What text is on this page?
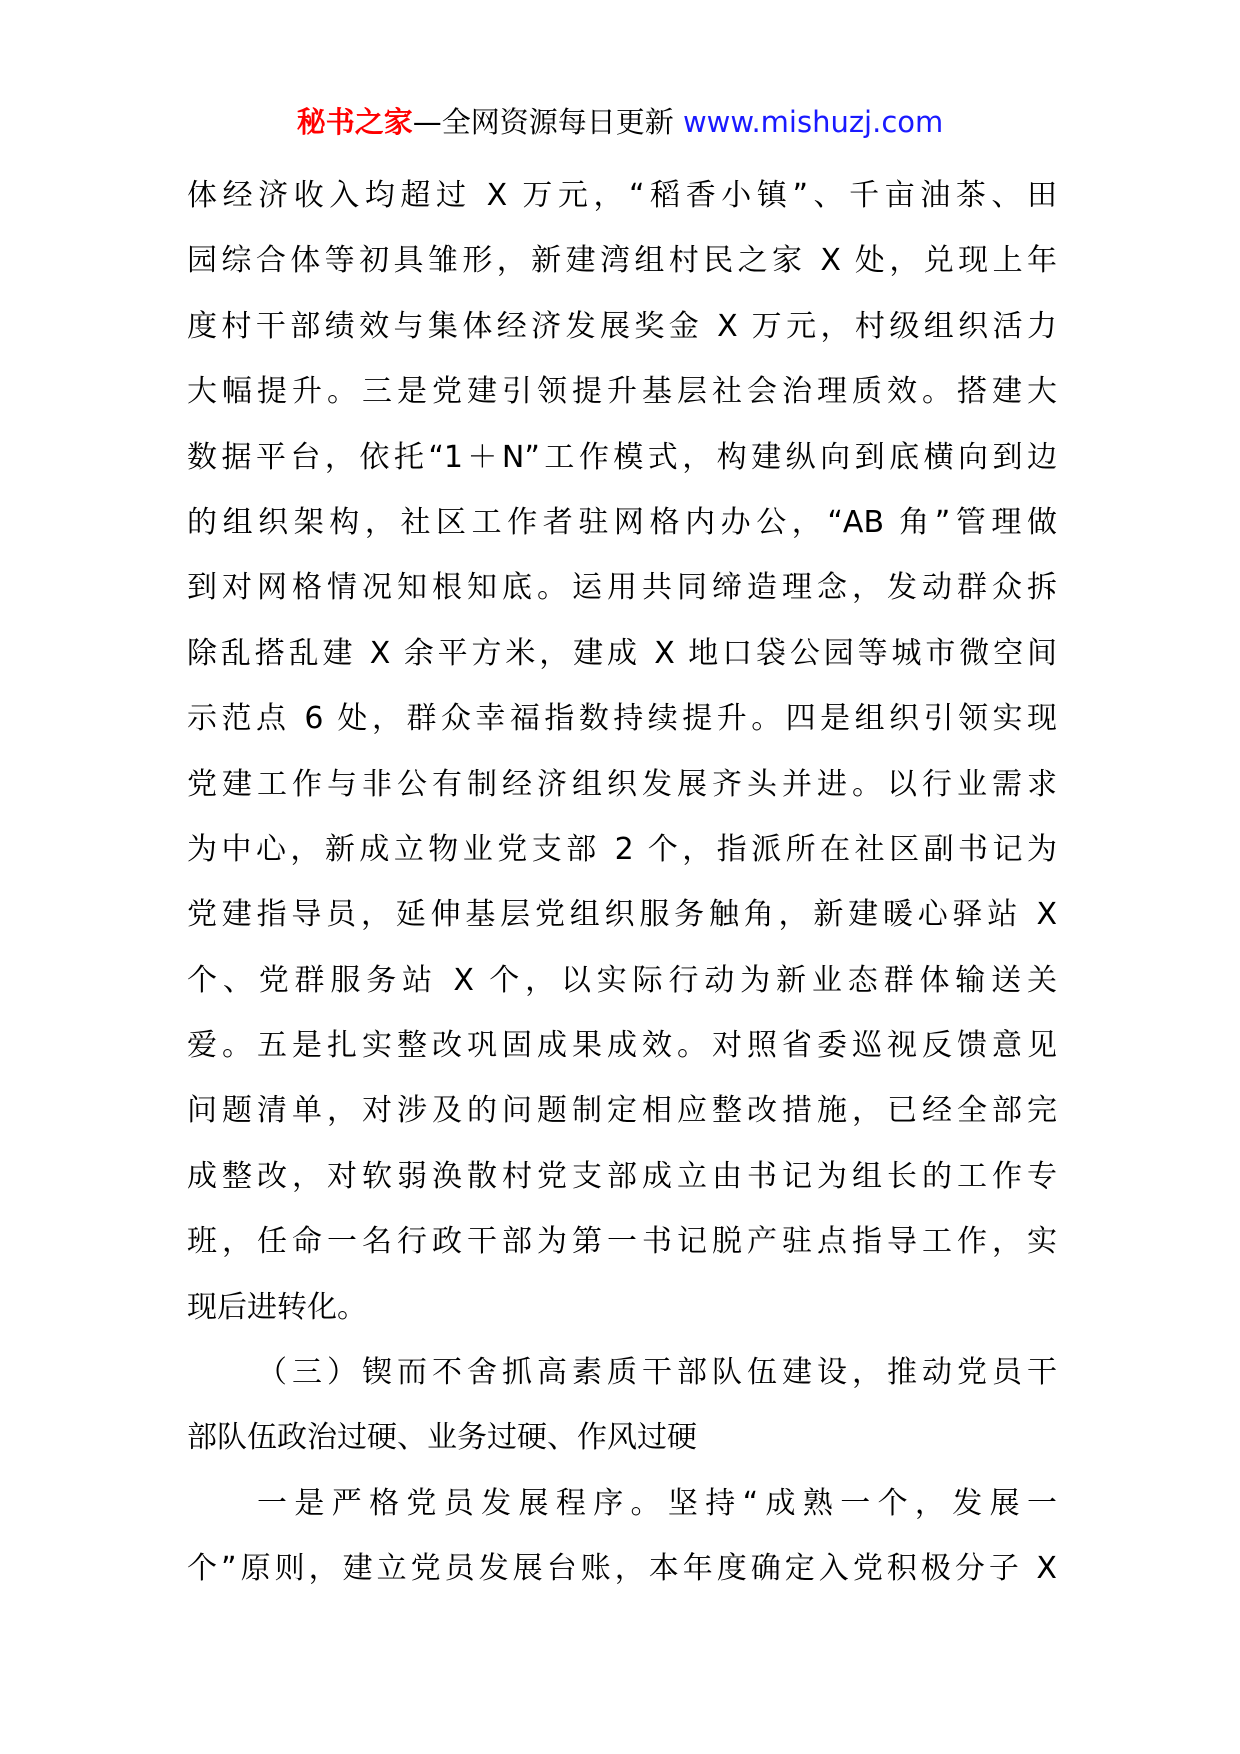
秘书之家—全网资源每日更新 www.mishuzj.com
体经济收入均超过 X 万元，“稻香小镇”、千亩油茶、田
园综合体等初具雏形，新建湾组村民之家 X 处，兑现上年
度村干部绩效与集体经济发展奖金 X 万元，村级组织活力
大幅提升。三是党建引领提升基层社会治理质效。搭建大
数据平台，依托“1＋N”工作模式，构建纵向到底横向到边
的组织架构，社区工作者驻网格内办公，“AB 角”管理做
到对网格情况知根知底。运用共同缔造理念，发动群众拆
除乱搭乱建 X 余平方米，建成 X 地口袋公园等城市微空间
示范点 6 处，群众幸福指数持续提升。四是组织引领实现
党建工作与非公有制经济组织发展齐头并进。以行业需求
为中心，新成立物业党支部 2 个，指派所在社区副书记为
党建指导员，延伸基层党组织服务触角，新建暖心驿站 X
个、党群服务站 X 个，以实际行动为新业态群体输送关
爱。五是扎实整改巩固成果成效。对照省委巡视反馈意见
问题清单，对涉及的问题制定相应整改措施，已经全部完
成整改，对软弱涣散村党支部成立由书记为组长的工作专
班，任命一名行政干部为第一书记脱产驻点指导工作，实
现后进转化。
（三）锲而不舍抓高素质干部队伍建设，推动党员干
部队伍政治过硬、业务过硬、作风过硬
一是严格党员发展程序。坚持“成熟一个，发展一
个”原则，建立党员发展台账，本年度确定入党积极分子 X
